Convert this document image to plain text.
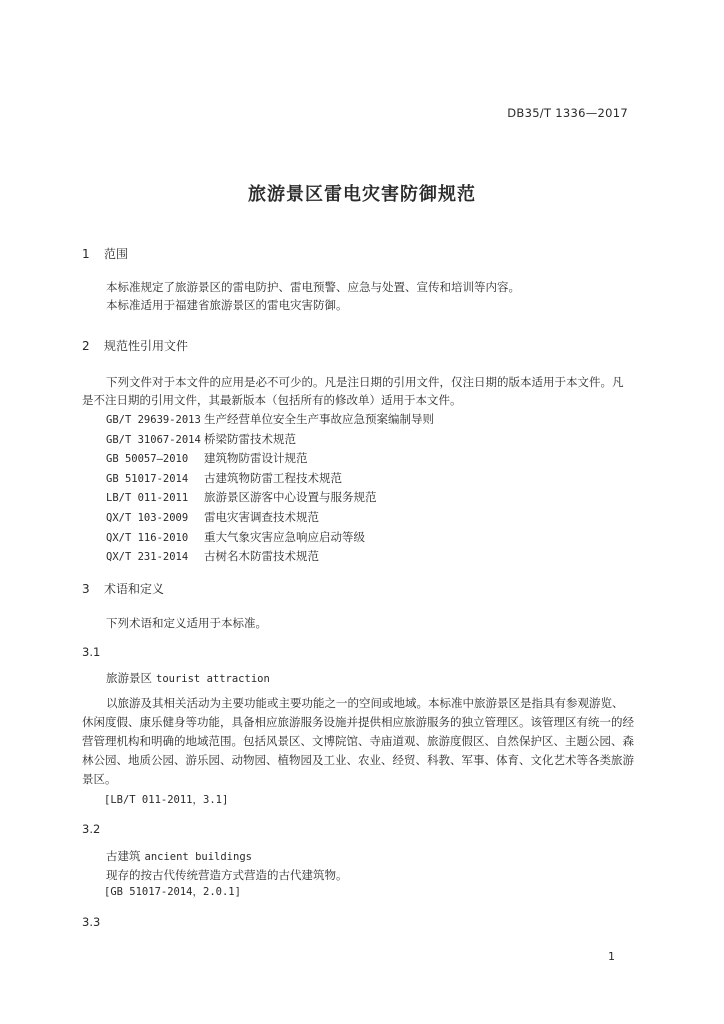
DB35/T 1336—2017
旅游景区雷电灾害防御规范
1 范围
本标准规定了旅游景区的雷电防护、雷电预警、应急与处置、宣传和培训等内容。
本标准适用于福建省旅游景区的雷电灾害防御。
2 规范性引用文件
下列文件对于本文件的应用是必不可少的。凡是注日期的引用文件，仅注日期的版本适用于本文件。凡是不注日期的引用文件，其最新版本（包括所有的修改单）适用于本文件。
GB/T 29639-2013 生产经营单位安全生产事故应急预案编制导则
GB/T 31067-2014 桥梁防雷技术规范
GB 50057—2010 建筑物防雷设计规范
GB 51017-2014 古建筑物防雷工程技术规范
LB/T 011-2011 旅游景区游客中心设置与服务规范
QX/T 103-2009 雷电灾害调查技术规范
QX/T 116-2010 重大气象灾害应急响应启动等级
QX/T 231-2014 古树名木防雷技术规范
3 术语和定义
下列术语和定义适用于本标准。
3.1
旅游景区 tourist attraction
以旅游及其相关活动为主要功能或主要功能之一的空间或地域。本标准中旅游景区是指具有参观游览、休闲度假、康乐健身等功能，具备相应旅游服务设施并提供相应旅游服务的独立管理区。该管理区有统一的经营管理机构和明确的地域范围。包括风景区、文博院馆、寺庙道观、旅游度假区、自然保护区、主题公园、森林公园、地质公园、游乐园、动物园、植物园及工业、农业、经贸、科教、军事、体育、文化艺术等各类旅游景区。
[LB/T 011-2011，3.1]
3.2
古建筑 ancient buildings
现存的按古代传统营造方式营造的古代建筑物。
[GB 51017-2014，2.0.1]
3.3
1
